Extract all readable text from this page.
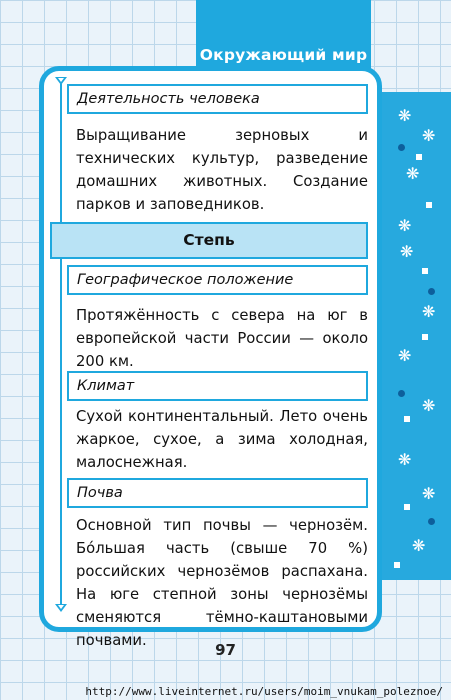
Окружающий мир
❋
❋
❋
❋
❋
❋
❋
❋
❋
❋
❋
Деятельность человека

Выращивание зерновых и технических культур, разведение домашних животных. Создание парков и заповедников.

Степь
Географическое положение

Протяжённость с севера на юг в европейской части России — около 200 км.

Климат

Сухой континентальный. Лето очень жаркое, сухое, а зима холодная, малоснежная.

Почва

Основной тип почвы — чернозём. Бóльшая часть (свыше 70 %) российских чернозёмов распахана. На юге степной зоны чернозёмы сменяются тёмно-каштановыми почвами.

97
http://www.liveinternet.ru/users/moim_vnukam_poleznoe/
